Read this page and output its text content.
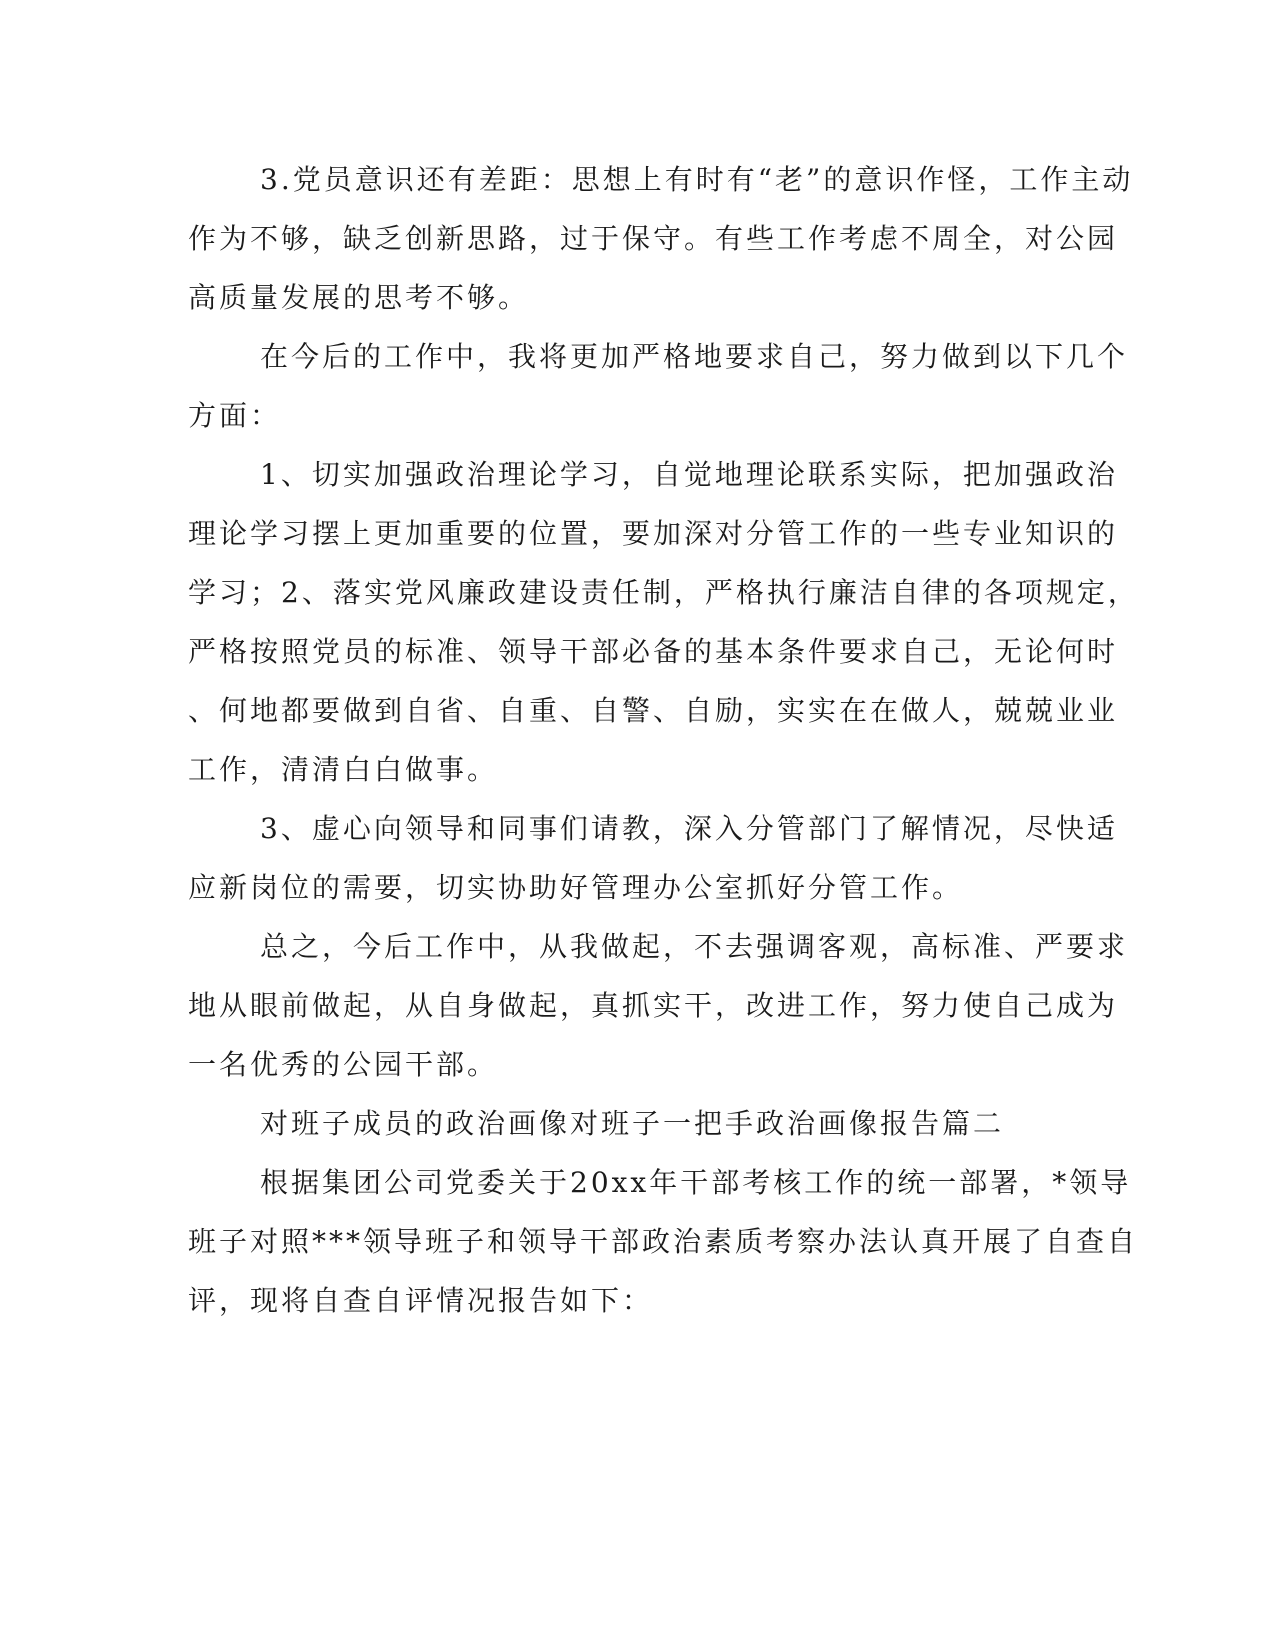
3.党员意识还有差距：思想上有时有“老”的意识作怪，工作主动
作为不够，缺乏创新思路，过于保守。有些工作考虑不周全，对公园
高质量发展的思考不够。
在今后的工作中，我将更加严格地要求自己，努力做到以下几个
方面：
1、切实加强政治理论学习，自觉地理论联系实际，把加强政治
理论学习摆上更加重要的位置，要加深对分管工作的一些专业知识的
学习；2、落实党风廉政建设责任制，严格执行廉洁自律的各项规定，
严格按照党员的标准、领导干部必备的基本条件要求自己，无论何时
、何地都要做到自省、自重、自警、自励，实实在在做人，兢兢业业
工作，清清白白做事。
3、虚心向领导和同事们请教，深入分管部门了解情况，尽快适
应新岗位的需要，切实协助好管理办公室抓好分管工作。
总之，今后工作中，从我做起，不去强调客观，高标准、严要求
地从眼前做起，从自身做起，真抓实干，改进工作，努力使自己成为
一名优秀的公园干部。
对班子成员的政治画像对班子一把手政治画像报告篇二
根据集团公司党委关于20xx年干部考核工作的统一部署，*领导
班子对照***领导班子和领导干部政治素质考察办法认真开展了自查自
评，现将自查自评情况报告如下：
